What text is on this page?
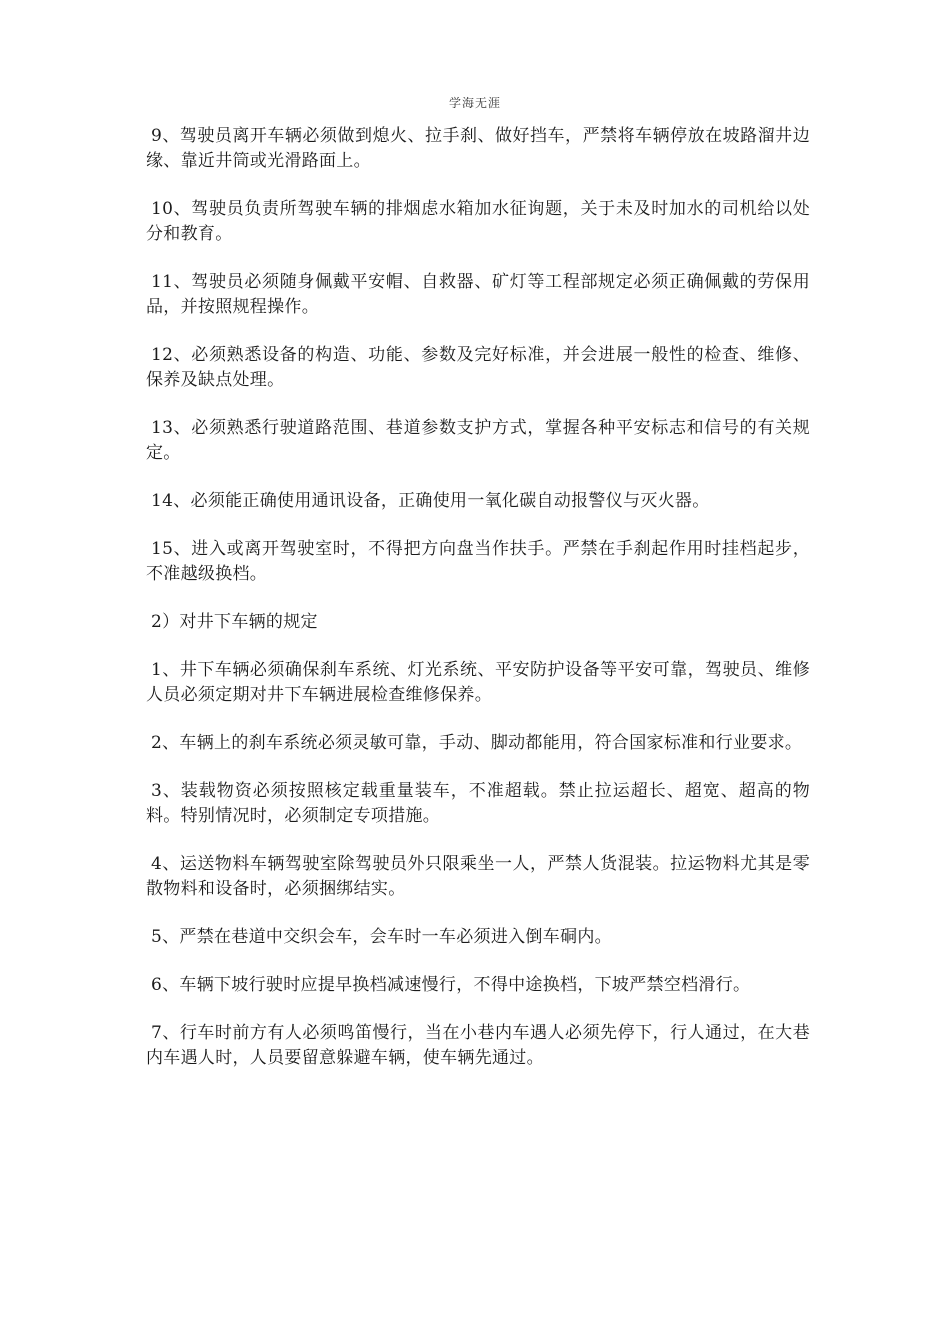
学海无涯

9、驾驶员离开车辆必须做到熄火、拉手刹、做好挡车，严禁将车辆停放在坡路溜井边缘、靠近井筒或光滑路面上。

10、驾驶员负责所驾驶车辆的排烟虑水箱加水征询题，关于未及时加水的司机给以处分和教育。

11、驾驶员必须随身佩戴平安帽、自救器、矿灯等工程部规定必须正确佩戴的劳保用品，并按照规程操作。

12、必须熟悉设备的构造、功能、参数及完好标准，并会进展一般性的检查、维修、保养及缺点处理。

13、必须熟悉行驶道路范围、巷道参数支护方式，掌握各种平安标志和信号的有关规定。

14、必须能正确使用通讯设备，正确使用一氧化碳自动报警仪与灭火器。

15、进入或离开驾驶室时，不得把方向盘当作扶手。严禁在手刹起作用时挂档起步，不准越级换档。

2）对井下车辆的规定

1、井下车辆必须确保刹车系统、灯光系统、平安防护设备等平安可靠，驾驶员、维修人员必须定期对井下车辆进展检查维修保养。

2、车辆上的刹车系统必须灵敏可靠，手动、脚动都能用，符合国家标准和行业要求。

3、装载物资必须按照核定载重量装车，不准超载。禁止拉运超长、超宽、超高的物料。特别情况时，必须制定专项措施。

4、运送物料车辆驾驶室除驾驶员外只限乘坐一人，严禁人货混装。拉运物料尤其是零散物料和设备时，必须捆绑结实。

5、严禁在巷道中交织会车，会车时一车必须进入倒车硐内。

6、车辆下坡行驶时应提早换档减速慢行，不得中途换档，下坡严禁空档滑行。

7、行车时前方有人必须鸣笛慢行，当在小巷内车遇人必须先停下，行人通过，在大巷内车遇人时，人员要留意躲避车辆，使车辆先通过。
